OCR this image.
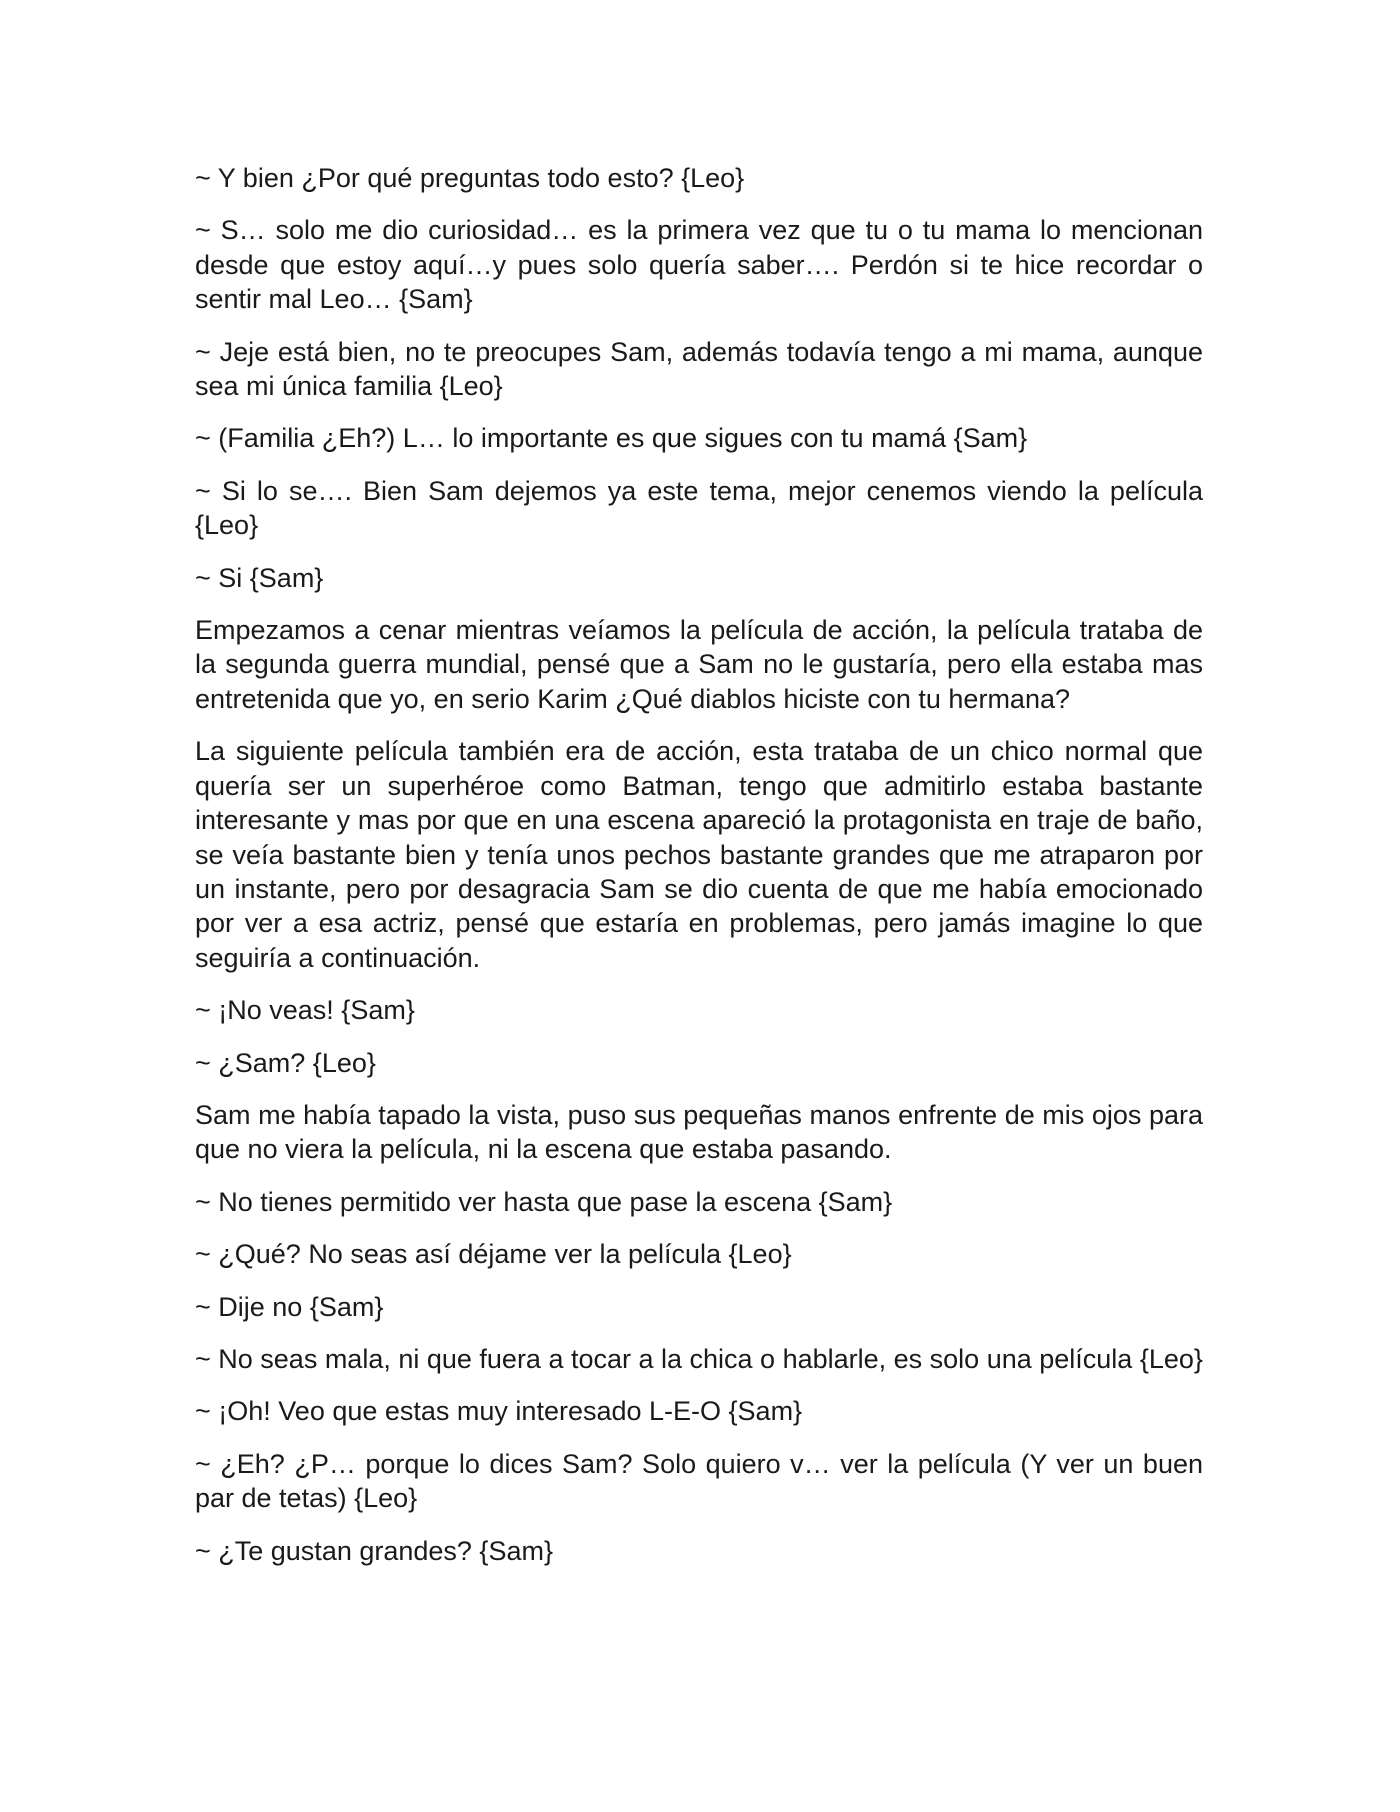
~ Y bien ¿Por qué preguntas todo esto? {Leo}

~ S… solo me dio curiosidad… es la primera vez que tu o tu mama lo mencionan desde que estoy aquí…y pues solo quería saber…. Perdón si te hice recordar o sentir mal Leo… {Sam}

~ Jeje está bien, no te preocupes Sam, además todavía tengo a mi mama, aunque sea mi única familia {Leo}

~ (Familia ¿Eh?) L… lo importante es que sigues con tu mamá {Sam}

~ Si lo se…. Bien Sam dejemos ya este tema, mejor cenemos viendo la película {Leo}

~ Si {Sam}

Empezamos a cenar mientras veíamos la película de acción, la película trataba de la segunda guerra mundial, pensé que a Sam no le gustaría, pero ella estaba mas entretenida que yo, en serio Karim ¿Qué diablos hiciste con tu hermana?

La siguiente película también era de acción, esta trataba de un chico normal que quería ser un superhéroe como Batman, tengo que admitirlo estaba bastante interesante y mas por que en una escena apareció la protagonista en traje de baño, se veía bastante bien y tenía unos pechos bastante grandes que me atraparon por un instante, pero por desagracia Sam se dio cuenta de que me había emocionado por ver a esa actriz, pensé que estaría en problemas, pero jamás imagine lo que seguiría a continuación.

~ ¡No veas! {Sam}

~ ¿Sam? {Leo}

Sam me había tapado la vista, puso sus pequeñas manos enfrente de mis ojos para que no viera la película, ni la escena que estaba pasando.

~ No tienes permitido ver hasta que pase la escena {Sam}

~ ¿Qué? No seas así déjame ver la película {Leo}

~ Dije no {Sam}

~ No seas mala, ni que fuera a tocar a la chica o hablarle, es solo una película {Leo}

~ ¡Oh! Veo que estas muy interesado L-E-O {Sam}

~ ¿Eh? ¿P… porque lo dices Sam? Solo quiero v… ver la película (Y ver un buen par de tetas) {Leo}

~ ¿Te gustan grandes? {Sam}
